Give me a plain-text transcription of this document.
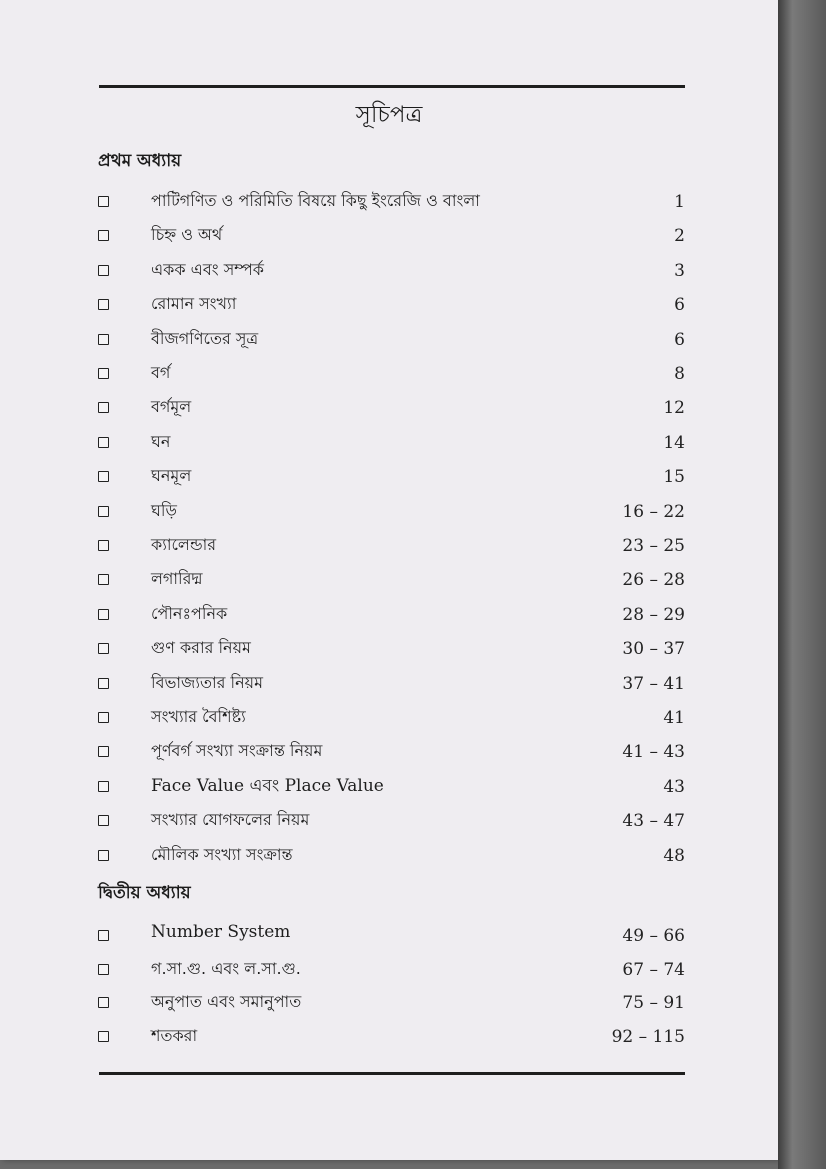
সূচিপত্র
প্রথম অধ্যায়
পাটিগণিত ও পরিমিতি বিষয়ে কিছু ইংরেজি ও বাংলা	1
চিহ্ন ও অর্থ	2
একক এবং সম্পর্ক	3
রোমান সংখ্যা	6
বীজগণিতের সূত্র	6
বর্গ	8
বর্গমূল	12
ঘন	14
ঘনমূল	15
ঘড়ি	16 – 22
ক্যালেন্ডার	23 – 25
লগারিদ্ম	26 – 28
পৌনঃপনিক	28 – 29
গুণ করার নিয়ম	30 – 37
বিভাজ্যতার নিয়ম	37 – 41
সংখ্যার বৈশিষ্ট্য	41
পূর্ণবর্গ সংখ্যা সংক্রান্ত নিয়ম	41 – 43
Face Value এবং Place Value	43
সংখ্যার যোগফলের নিয়ম	43 – 47
মৌলিক সংখ্যা সংক্রান্ত	48
দ্বিতীয় অধ্যায়
Number System	49 – 66
গ.সা.গু. এবং ল.সা.গু.	67 – 74
অনুপাত এবং সমানুপাত	75 – 91
শতকরা	92 – 115
